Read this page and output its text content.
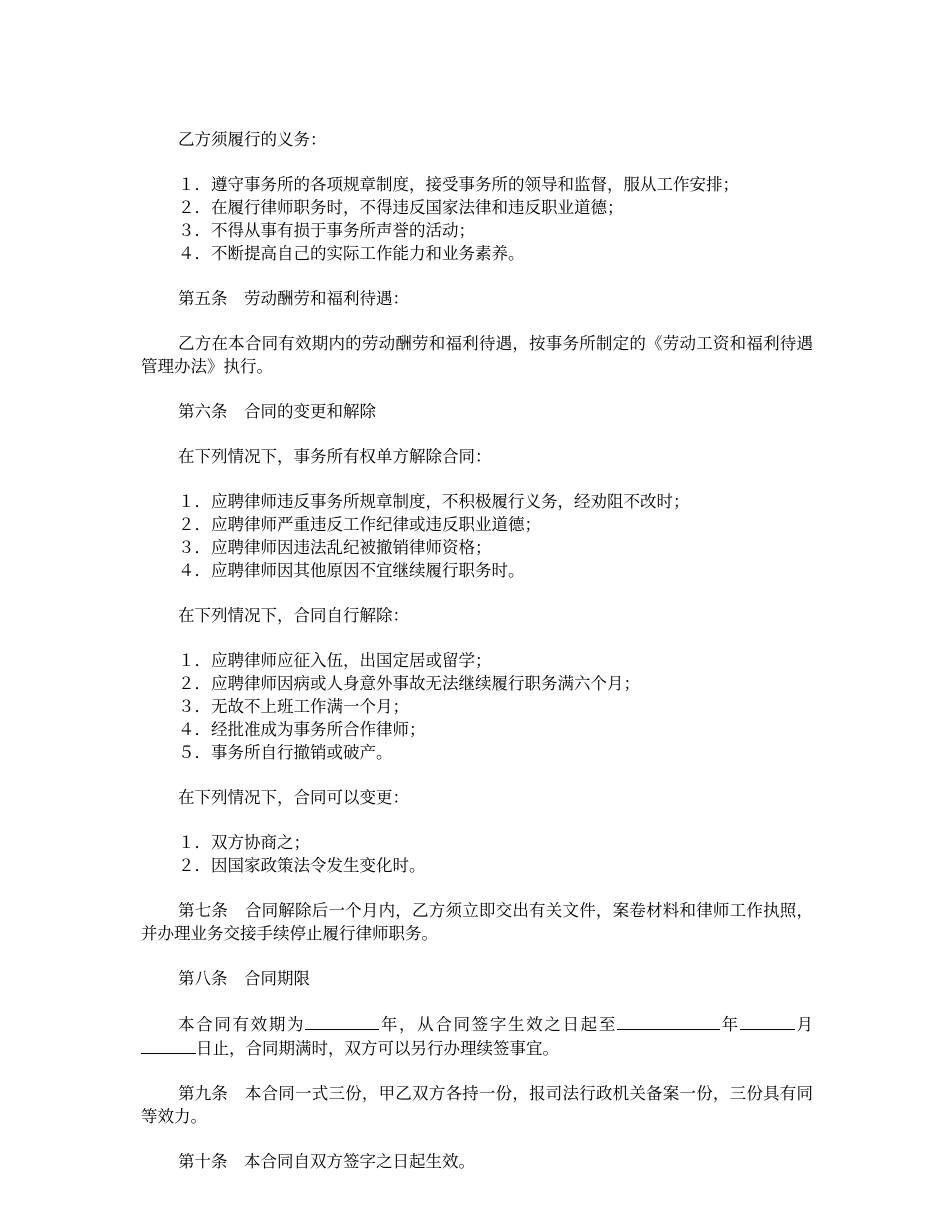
乙方须履行的义务：

１．遵守事务所的各项规章制度，接受事务所的领导和监督，服从工作安排；

２．在履行律师职务时，不得违反国家法律和违反职业道德；

３．不得从事有损于事务所声誉的活动；

４．不断提高自己的实际工作能力和业务素养。

第五条　劳动酬劳和福利待遇：

乙方在本合同有效期内的劳动酬劳和福利待遇，按事务所制定的《劳动工资和福利待遇管理办法》执行。

第六条　合同的变更和解除

在下列情况下，事务所有权单方解除合同：

１．应聘律师违反事务所规章制度，不积极履行义务，经劝阻不改时；

２．应聘律师严重违反工作纪律或违反职业道德；

３．应聘律师因违法乱纪被撤销律师资格；

４．应聘律师因其他原因不宜继续履行职务时。

在下列情况下，合同自行解除：

１．应聘律师应征入伍，出国定居或留学；

２．应聘律师因病或人身意外事故无法继续履行职务满六个月；

３．无故不上班工作满一个月；

４．经批准成为事务所合作律师；

５．事务所自行撤销或破产。

在下列情况下，合同可以变更：

１．双方协商之；

２．因国家政策法令发生变化时。

第七条　合同解除后一个月内，乙方须立即交出有关文件，案卷材料和律师工作执照，并办理业务交接手续停止履行律师职务。

第八条　合同期限

本合同有效期为	年，从合同签字生效之日起至	年	月日止，合同期满时，双方可以另行办理续签事宜。

第九条　本合同一式三份，甲乙双方各持一份，报司法行政机关备案一份，三份具有同等效力。

第十条　本合同自双方签字之日起生效。
